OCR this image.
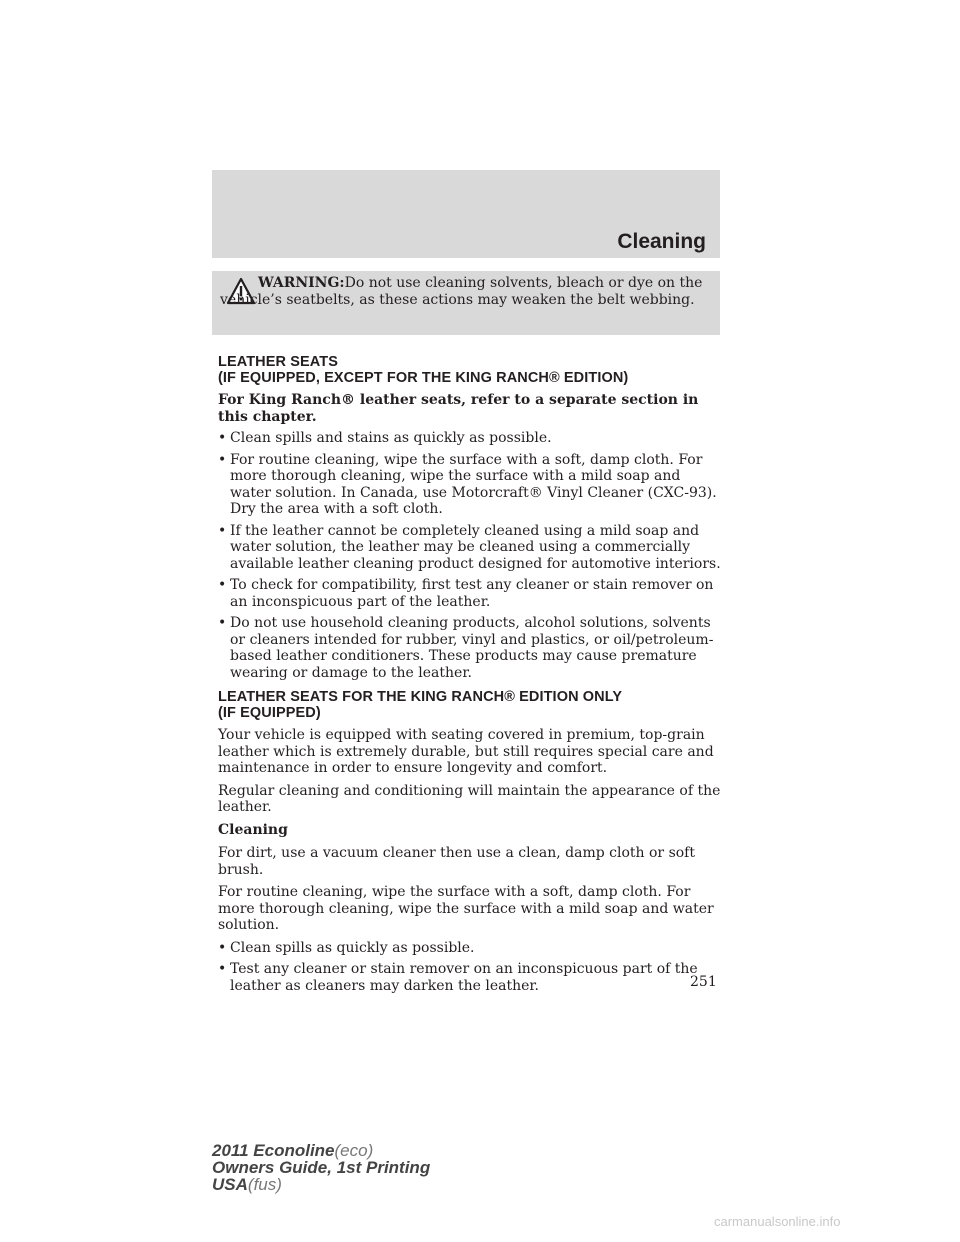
Cleaning
WARNING:Do not use cleaning solvents, bleach or dye on the vehicle’s seatbelts, as these actions may weaken the belt webbing.
LEATHER SEATS
(IF EQUIPPED, EXCEPT FOR THE KING RANCH® EDITION)

For King Ranch® leather seats, refer to a separate section in this chapter.

• Clean spills and stains as quickly as possible.
• For routine cleaning, wipe the surface with a soft, damp cloth. For more thorough cleaning, wipe the surface with a mild soap and water solution. In Canada, use Motorcraft® Vinyl Cleaner (CXC-93). Dry the area with a soft cloth.
• If the leather cannot be completely cleaned using a mild soap and water solution, the leather may be cleaned using a commercially available leather cleaning product designed for automotive interiors.
• To check for compatibility, first test any cleaner or stain remover on an inconspicuous part of the leather.
• Do not use household cleaning products, alcohol solutions, solvents or cleaners intended for rubber, vinyl and plastics, or oil/petroleum-based leather conditioners. These products may cause premature wearing or damage to the leather.
LEATHER SEATS FOR THE KING RANCH® EDITION ONLY
(IF EQUIPPED)

Your vehicle is equipped with seating covered in premium, top-grain leather which is extremely durable, but still requires special care and maintenance in order to ensure longevity and comfort.

Regular cleaning and conditioning will maintain the appearance of the leather.

Cleaning

For dirt, use a vacuum cleaner then use a clean, damp cloth or soft brush.

For routine cleaning, wipe the surface with a soft, damp cloth. For more thorough cleaning, wipe the surface with a mild soap and water solution.

• Clean spills as quickly as possible.
• Test any cleaner or stain remover on an inconspicuous part of the leather as cleaners may darken the leather.	251
2011 Econoline(eco)
Owners Guide, 1st Printing
USA(fus)
carmanualsonline.info
